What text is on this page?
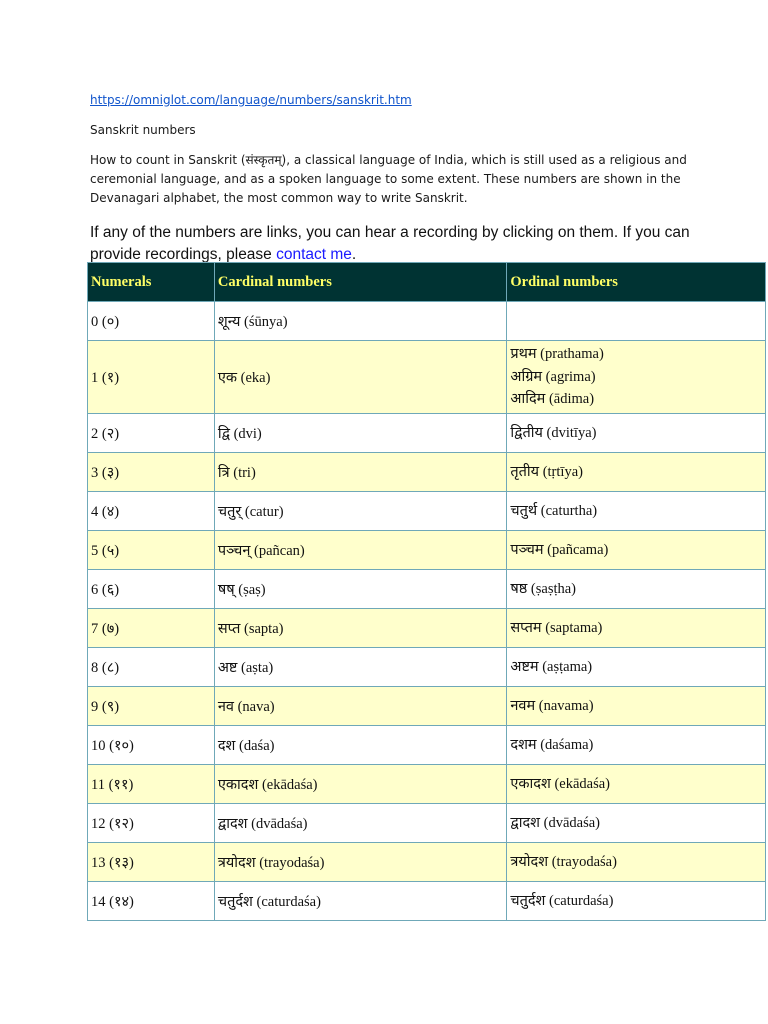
https://omniglot.com/language/numbers/sanskrit.htm
Sanskrit numbers

How to count in Sanskrit (संस्कृतम्), a classical language of India, which is still used as a religious and ceremonial language, and as a spoken language to some extent. These numbers are shown in the Devanagari alphabet, the most common way to write Sanskrit.

If any of the numbers are links, you can hear a recording by clicking on them. If you can provide recordings, please contact me.

Numerals	Cardinal numbers	Ordinal numbers
0 (०)	शून्य (śūnya)	
1 (१)	एक (eka)	प्रथम (prathama)
अग्रिम (agrima)
आदिम (ādima)

2 (२)	द्वि (dvi)	द्वितीय (dvitīya)

3 (३)	त्रि (tri)	तृतीय (tṛtīya)

4 (४)	चतुर् (catur)	चतुर्थ (caturtha)

5 (५)	पञ्चन् (pañcan)	पञ्चम (pañcama)

6 (६)	षष् (ṣaṣ)	षष्ठ (ṣaṣṭha)

7 (७)	सप्त (sapta)	सप्तम (saptama)

8 (८)	अष्ट (aṣta)	अष्टम (aṣṭama)

9 (९)	नव (nava)	नवम (navama)

10 (१०)	दश (daśa)	दशम (daśama)

11 (११)	एकादश (ekādaśa)	एकादश (ekādaśa)

12 (१२)	द्वादश (dvādaśa)	द्वादश (dvādaśa)

13 (१३)	त्रयोदश (trayodaśa)	त्रयोदश (trayodaśa)

14 (१४)	चतुर्दश (caturdaśa)	चतुर्दश (caturdaśa)
